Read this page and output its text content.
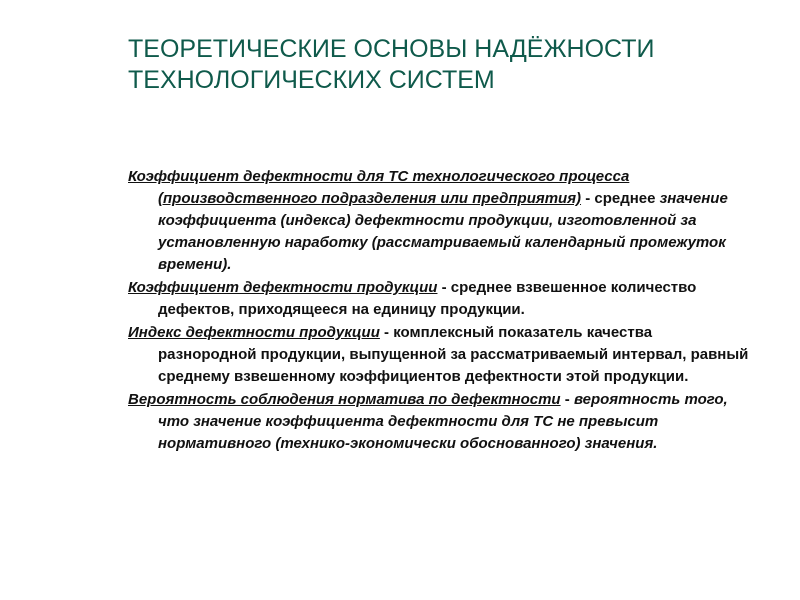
ТЕОРЕТИЧЕСКИЕ ОСНОВЫ НАДЁЖНОСТИ
ТЕХНОЛОГИЧЕСКИХ СИСТЕМ
Коэффициент дефектности для ТС технологического процесса (производственного подразделения или предприятия) - среднее значение коэффициента (индекса) дефектности продукции, изготовленной за установленную наработку (рассматриваемый календарный промежуток времени).
Коэффициент дефектности продукции - среднее взвешенное количество дефектов, приходящееся на единицу продукции.
Индекс дефектности продукции - комплексный показатель качества разнородной продукции, выпущенной за рассматриваемый интервал, равный среднему взвешенному коэффициентов дефектности этой продукции.
Вероятность соблюдения норматива по дефектности - вероятность того, что значение коэффициента дефектности для ТС не превысит нормативного (технико-экономически обоснованного) значения.
